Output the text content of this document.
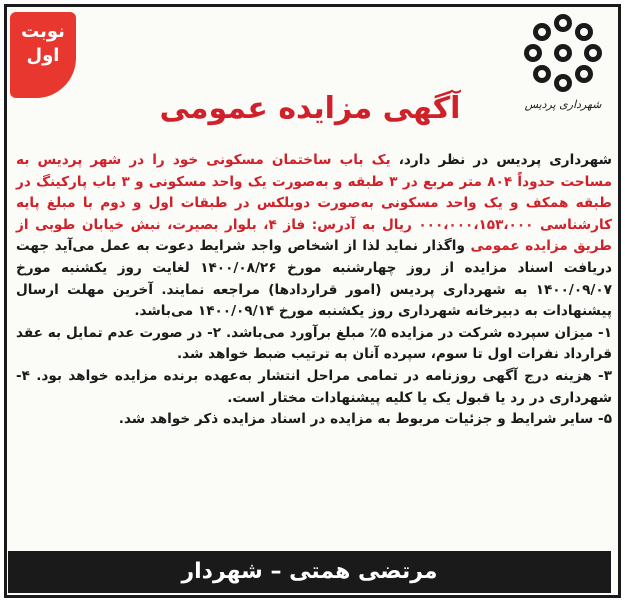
نوبت
اول
شهرداری پردیس
آگهی مزایده عمومی

شهرداری پردیس در نظر دارد، یک باب ساختمان مسکونی خود را در شهر پردیس به مساحت حدوداً ۸۰۴ متر مربع در ۳ طبقه و به‌صورت یک واحد مسکونی و ۳ باب پارکینگ در طبقه همکف و یک واحد مسکونی به‌صورت دوبلکس در طبقات اول و دوم با مبلغ پایه کارشناسی ۰۰۰،۰۰۰،۱۵۳،۰۰۰ ریال به آدرس: فاز ۴، بلوار بصیرت، نبش خیابان طوبی از طریق مزایده عمومی واگذار نماید لذا از اشخاص واجد شرایط دعوت به عمل می‌آید جهت دریافت اسناد مزایده از روز چهارشنبه مورخ ۱۴۰۰/۰۸/۲۶ لغایت روز یکشنبه مورخ ۱۴۰۰/۰۹/۰۷ به شهرداری پردیس (امور قراردادها) مراجعه نمایند. آخرین مهلت ارسال پیشنهادات به دبیرخانه شهرداری روز یکشنبه مورخ ۱۴۰۰/۰۹/۱۴ می‌باشد.

۱- میزان سپرده شرکت در مزایده ۵٪ مبلغ برآورد می‌باشد. ۲- در صورت عدم تمایل به عقد قرارداد نفرات اول تا سوم، سپرده آنان به ترتیب ضبط خواهد شد.

۳- هزینه درج آگهی روزنامه در تمامی مراحل انتشار به‌عهده برنده مزایده خواهد بود. ۴- شهرداری در رد یا قبول یک یا کلیه پیشنهادات مختار است.

۵- سایر شرایط و جزئیات مربوط به مزایده در اسناد مزایده ذکر خواهد شد.

مرتضی همتی – شهردار
